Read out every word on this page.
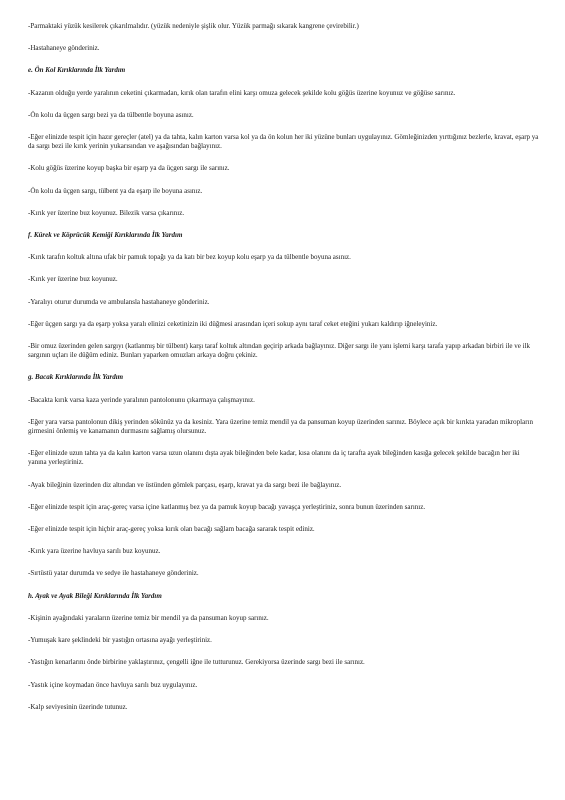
-Parmaktaki yüzük kesilerek çıkarılmalıdır. (yüzük nedeniyle şişlik olur. Yüzük parmağı sıkarak kangrene çevirebilir.)

-Hastahaneye gönderiniz.

e. Ön Kol Kırıklarında İlk Yardım

-Kazanın olduğu yerde yaralının ceketini çıkarmadan, kırık olan tarafın elini karşı omuza gelecek şekilde kolu göğüs üzerine koyunuz ve göğüse sarınız.

-Ön kolu da üçgen sargı bezi ya da tülbentle boyuna asınız.

-Eğer elinizde tespit için hazır gereçler (atel) ya da tahta, kalın karton varsa kol ya da ön kolun her iki yüzüne bunları uygulayınız. Gömleğinizden yırttığınız bezlerle, kravat, eşarp ya da sargı bezi ile kırık yerinin yukarısından ve aşağısından bağlayınız.

-Kolu göğüs üzerine koyup başka bir eşarp ya da üçgen sargı ile sarınız.

-Ön kolu da üçgen sargı, tülbent ya da eşarp ile boyuna asınız.

-Kırık yer üzerine buz koyunuz. Bilezik varsa çıkarınız.

f. Kürek ve Köprücük Kemiği Kırıklarında İlk Yardım

-Kırık tarafın koltuk altına ufak bir pamuk topağı ya da katı bir bez koyup kolu eşarp ya da tülbentle boyuna asınız.

-Kırık yer üzerine buz koyunuz.

-Yaralıyı oturur durumda ve ambulansla hastahaneye gönderiniz.

-Eğer üçgen sargı ya da eşarp yoksa yaralı elinizi ceketinizin iki düğmesi arasından içeri sokup aynı taraf ceket eteğini yukarı kaldırıp iğneleyiniz.

-Bir omuz üzerinden gelen sargıyı (katlanmış bir tülbent) karşı taraf koltuk altından geçirip arkada bağlayınız. Diğer sargı ile yanı işlemi karşı tarafa yapıp arkadan birbiri ile ve ilk sargının uçları ile düğüm ediniz. Bunları yaparken omuzları arkaya doğru çekiniz.

g. Bacak Kırıklarında İlk Yardım

-Bacakta kırık varsa kaza yerinde yaralının pantolonunu çıkarmaya çalışmayınız.

-Eğer yara varsa pantolonun dikiş yerinden sökünüz ya da kesiniz. Yara üzerine temiz mendil ya da pansuman koyup üzerinden sarınız. Böylece açık bir kırıkta yaradan mikropların girmesini önlemiş ve kanamanın durmasını sağlamış olursunuz.

-Eğer elinizde uzun tahta ya da kalın karton varsa uzun olanını dışta ayak bileğinden bele kadar, kısa olanını da iç tarafta ayak bileğinden kasığa gelecek şekilde bacağın her iki yanına yerleştiriniz.

-Ayak bileğinin üzerinden diz altından ve üstünden gömlek parçası, eşarp, kravat ya da sargı bezi ile bağlayınız.

-Eğer elinizde tespit için araç-gereç varsa içine katlanmış bez ya da pamuk koyup bacağı yavaşça yerleştiriniz, sonra bunun üzerinden sarınız.

-Eğer elinizde tespit için hiçbir araç-gereç yoksa kırık olan bacağı sağlam bacağa sararak tespit ediniz.

-Kırık yara üzerine havluya sarılı buz koyunuz.

-Sırtüstü yatar durumda ve sedye ile hastahaneye gönderiniz.

h. Ayak ve Ayak Bileği Kırıklarında İlk Yardım

-Kişinin ayağındaki yaraların üzerine temiz bir mendil ya da pansuman koyup sarınız.

-Yumuşak kare şeklindeki bir yastığın ortasına ayağı yerleştiriniz.

-Yastığın kenarlarını önde birbirine yaklaştırınız, çengelli iğne ile tutturunuz. Gerekiyorsa üzerinde sargı bezi ile sarınız.

-Yastık içine koymadan önce havluya sarılı buz uygulayınız.

-Kalp seviyesinin üzerinde tutunuz.
